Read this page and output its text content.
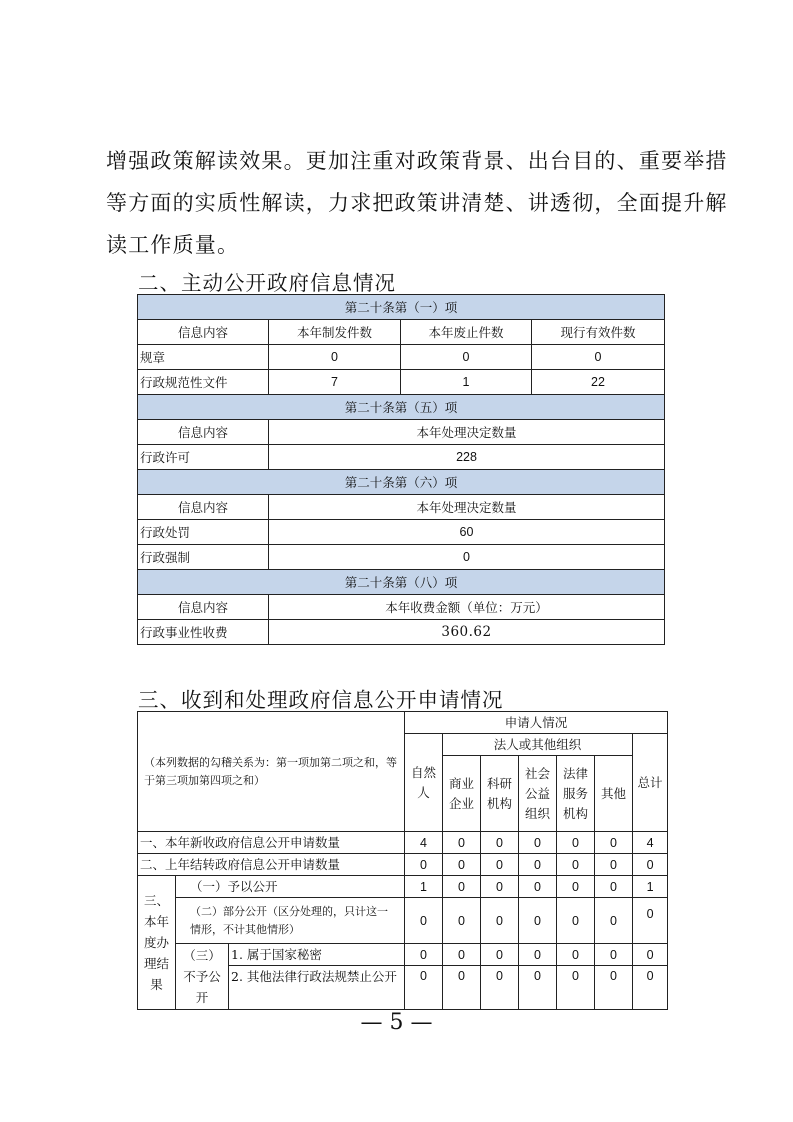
增强政策解读效果。更加注重对政策背景、出台目的、重要举措
等方面的实质性解读，力求把政策讲清楚、讲透彻，全面提升解
读工作质量。
二、主动公开政府信息情况
第二十条第（一）项			
信息内容	本年制发件数	本年废止件数	现行有效件数
规章	0	0	0
行政规范性文件	7	1	22
第二十条第（五）项			
信息内容	本年处理决定数量		
行政许可	228		
第二十条第（六）项			
信息内容	本年处理决定数量		
行政处罚	60		
行政强制	0		
第二十条第（八）项			
信息内容	本年收费金额（单位：万元）		
行政事业性收费	360.62		
三、收到和处理政府信息公开申请情况
（本列数据的勾稽关系为：第一项加第二项之和，等于第三项加第四项之和）			申请人情况						
			自然人	法人或其他组织					总计
				商业企业	科研机构	社会公益组织	法律服务机构	其他	

一、本年新收政府信息公开申请数量			4	0	0	0	0	0	4
二、上年结转政府信息公开申请数量			0	0	0	0	0	0	0
三、本年度办理结果	（一）予以公开		1	0	0	0	0	0	1
	（二）部分公开（区分处理的，只计这一情形，不计其他情形）		0	0	0	0	0	0	0
	（三）不予公开	1. 属于国家秘密	0	0	0	0	0	0	0
		2. 其他法律行政法规禁止公开	0	0	0	0	0	0	0
— 5 —
